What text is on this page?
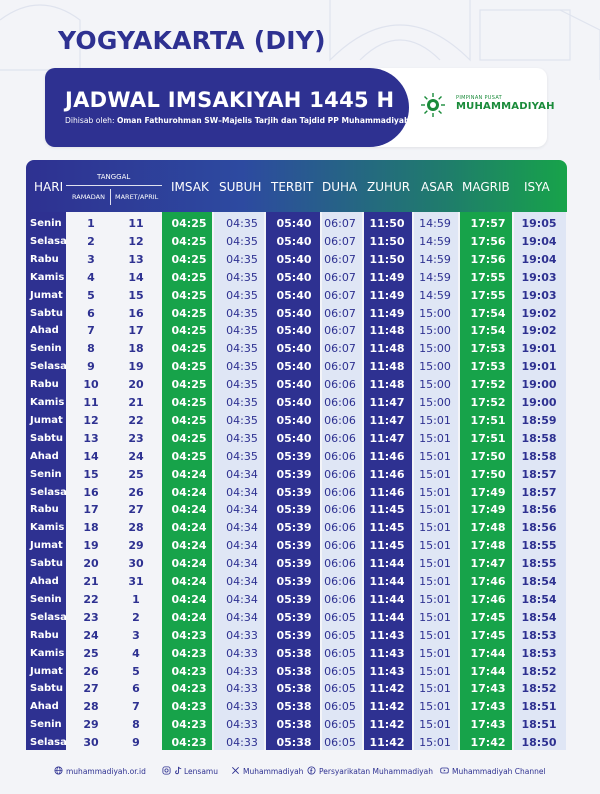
YOGYAKARTA (DIY)
JADWAL IMSAKIYAH 1445 H
Dihisab oleh: Oman Fathurohman SW–Majelis Tarjih dan Tajdid PP Muhammadiyah
PIMPINAN PUSAT
MUHAMMADIYAH
HARI
TANGGAL
RAMADAN MARET/APRIL
IMSAK SUBUH TERBIT DUHA ZUHUR ASAR MAGRIB ISYA
Senin	1	11	04:25	04:35	05:40	06:07	11:50	14:59	17:57	19:05
Selasa	2	12	04:25	04:35	05:40	06:07	11:50	14:59	17:56	19:04
Rabu	3	13	04:25	04:35	05:40	06:07	11:50	14:59	17:56	19:04
Kamis	4	14	04:25	04:35	05:40	06:07	11:49	14:59	17:55	19:03
Jumat	5	15	04:25	04:35	05:40	06:07	11:49	14:59	17:55	19:03
Sabtu	6	16	04:25	04:35	05:40	06:07	11:49	15:00	17:54	19:02
Ahad	7	17	04:25	04:35	05:40	06:07	11:48	15:00	17:54	19:02
Senin	8	18	04:25	04:35	05:40	06:07	11:48	15:00	17:53	19:01
Selasa	9	19	04:25	04:35	05:40	06:07	11:48	15:00	17:53	19:01
Rabu	10	20	04:25	04:35	05:40	06:06	11:48	15:00	17:52	19:00
Kamis	11	21	04:25	04:35	05:40	06:06	11:47	15:00	17:52	19:00
Jumat	12	22	04:25	04:35	05:40	06:06	11:47	15:01	17:51	18:59
Sabtu	13	23	04:25	04:35	05:40	06:06	11:47	15:01	17:51	18:58
Ahad	14	24	04:25	04:35	05:39	06:06	11:46	15:01	17:50	18:58
Senin	15	25	04:24	04:34	05:39	06:06	11:46	15:01	17:50	18:57
Selasa	16	26	04:24	04:34	05:39	06:06	11:46	15:01	17:49	18:57
Rabu	17	27	04:24	04:34	05:39	06:06	11:45	15:01	17:49	18:56
Kamis	18	28	04:24	04:34	05:39	06:06	11:45	15:01	17:48	18:56
Jumat	19	29	04:24	04:34	05:39	06:06	11:45	15:01	17:48	18:55
Sabtu	20	30	04:24	04:34	05:39	06:06	11:44	15:01	17:47	18:55
Ahad	21	31	04:24	04:34	05:39	06:06	11:44	15:01	17:46	18:54
Senin	22	1	04:24	04:34	05:39	06:06	11:44	15:01	17:46	18:54
Selasa	23	2	04:24	04:34	05:39	06:05	11:44	15:01	17:45	18:54
Rabu	24	3	04:23	04:33	05:39	06:05	11:43	15:01	17:45	18:53
Kamis	25	4	04:23	04:33	05:38	06:05	11:43	15:01	17:44	18:53
Jumat	26	5	04:23	04:33	05:38	06:05	11:43	15:01	17:44	18:52
Sabtu	27	6	04:23	04:33	05:38	06:05	11:42	15:01	17:43	18:52
Ahad	28	7	04:23	04:33	05:38	06:05	11:42	15:01	17:43	18:51
Senin	29	8	04:23	04:33	05:38	06:05	11:42	15:01	17:43	18:51
Selasa	30	9	04:23	04:33	05:38	06:05	11:42	15:01	17:42	18:50
muhammadiyah.or.id	Lensamu	Muhammadiyah	Persyarikatan Muhammadiyah	Muhammadiyah Channel
